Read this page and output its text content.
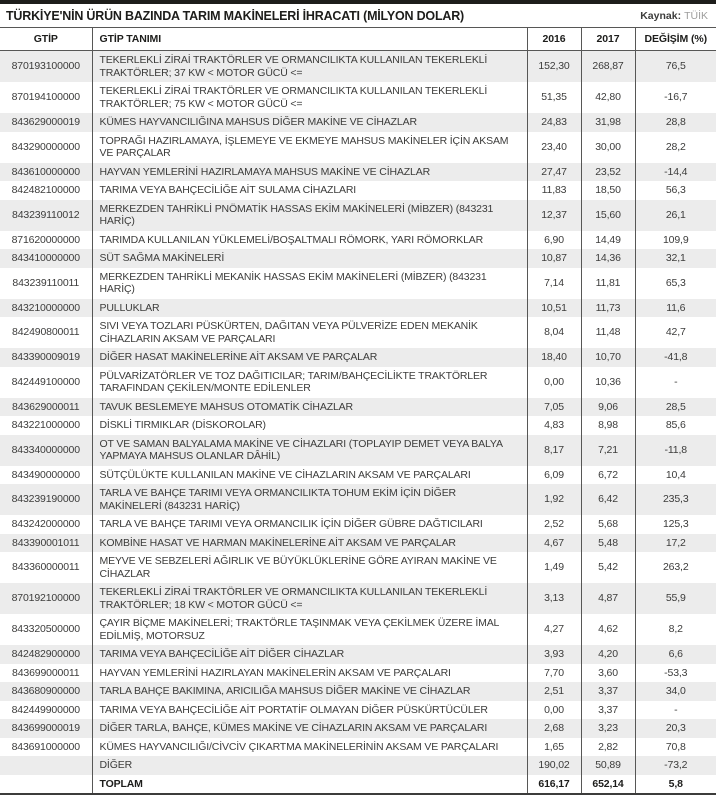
TÜRKİYE'NİN ÜRÜN BAZINDA TARIM MAKİNELERİ İHRACATI (MİLYON DOLAR)	Kaynak: TÜİK
GTİP	GTİP TANIMI	2016	2017	DEĞİŞİM (%)
870193100000	TEKERLEKLİ ZİRAİ TRAKTÖRLER VE ORMANCILIKTA KULLANILAN TEKERLEKLİ TRAKTÖRLER; 37 KW < MOTOR GÜCÜ <=	152,30	268,87	76,5
870194100000	TEKERLEKLİ ZİRAİ TRAKTÖRLER VE ORMANCILIKTA KULLANILAN TEKERLEKLİ TRAKTÖRLER; 75 KW < MOTOR GÜCÜ <=	51,35	42,80	-16,7
843629000019	KÜMES HAYVANCILIĞINA MAHSUS DİĞER MAKİNE VE CİHAZLAR	24,83	31,98	28,8
843290000000	TOPRAĞI HAZIRLAMAYA, İŞLEMEYE VE EKMEYE MAHSUS MAKİNELER İÇİN AKSAM VE PARÇALAR	23,40	30,00	28,2
843610000000	HAYVAN YEMLERİNİ HAZIRLAMAYA MAHSUS MAKİNE VE CİHAZLAR	27,47	23,52	-14,4
842482100000	TARIMA VEYA BAHÇECİLİĞE AİT SULAMA CİHAZLARI	11,83	18,50	56,3
843239110012	MERKEZDEN TAHRİKLİ PNÖMATİK HASSAS EKİM MAKİNELERİ (MİBZER) (843231 HARİÇ)	12,37	15,60	26,1
871620000000	TARIMDA KULLANILAN YÜKLEMELİ/BOŞALTMALI RÖMORK, YARI RÖMORKLAR	6,90	14,49	109,9
843410000000	SÜT SAĞMA MAKİNELERİ	10,87	14,36	32,1
843239110011	MERKEZDEN TAHRİKLİ MEKANİK HASSAS EKİM MAKİNELERİ (MİBZER) (843231 HARİÇ)	7,14	11,81	65,3
843210000000	PULLUKLAR	10,51	11,73	11,6
842490800011	SIVI VEYA TOZLARI PÜSKÜRTEN, DAĞITAN VEYA PÜLVERİZE EDEN MEKANİK CİHAZLARIN AKSAM VE PARÇALARI	8,04	11,48	42,7
843390009019	DİĞER HASAT MAKİNELERİNE AİT AKSAM VE PARÇALAR	18,40	10,70	-41,8
842449100000	PÜLVARİZATÖRLER VE TOZ DAĞITICILAR; TARIM/BAHÇECİLİKTE TRAKTÖRLER TARAFINDAN ÇEKİLEN/MONTE EDİLENLER	0,00	10,36	-
843629000011	TAVUK BESLEMEYE MAHSUS OTOMATİK CİHAZLAR	7,05	9,06	28,5
843221000000	DİSKLİ TIRMIKLAR (DİSKOROLAR)	4,83	8,98	85,6
843340000000	OT VE SAMAN BALYALAMA MAKİNE VE CİHAZLARI (TOPLAYIP DEMET VEYA BALYA YAPMAYA MAHSUS OLANLAR DÂHİL)	8,17	7,21	-11,8
843490000000	SÜTÇÜLÜKTE KULLANILAN MAKİNE VE CİHAZLARIN AKSAM VE PARÇALARI	6,09	6,72	10,4
843239190000	TARLA VE BAHÇE TARIMI VEYA ORMANCILIKTA TOHUM EKİM İÇİN DİĞER MAKİNELERİ (843231 HARİÇ)	1,92	6,42	235,3
843242000000	TARLA VE BAHÇE TARIMI VEYA ORMANCILIK İÇİN DİĞER GÜBRE DAĞTICILARI	2,52	5,68	125,3
843390001011	KOMBİNE HASAT VE HARMAN MAKİNELERİNE AİT AKSAM VE PARÇALAR	4,67	5,48	17,2
843360000011	MEYVE VE SEBZELERİ AĞIRLIK VE BÜYÜKLÜKLERİNE GÖRE AYIRAN MAKİNE VE CİHAZLAR	1,49	5,42	263,2
870192100000	TEKERLEKLİ ZİRAİ TRAKTÖRLER VE ORMANCILIKTA KULLANILAN TEKERLEKLİ TRAKTÖRLER; 18 KW < MOTOR GÜCÜ <=	3,13	4,87	55,9
843320500000	ÇAYIR BİÇME MAKİNELERİ; TRAKTÖRLE TAŞINMAK VEYA ÇEKİLMEK ÜZERE İMAL EDİLMİŞ, MOTORSUZ	4,27	4,62	8,2
842482900000	TARIMA VEYA BAHÇECİLİĞE AİT DİĞER CİHAZLAR	3,93	4,20	6,6
843699000011	HAYVAN YEMLERİNİ HAZIRLAYAN MAKİNELERİN AKSAM VE PARÇALARI	7,70	3,60	-53,3
843680900000	TARLA BAHÇE BAKIMINA, ARICILIĞA MAHSUS DİĞER MAKİNE VE CİHAZLAR	2,51	3,37	34,0
842449900000	TARIMA VEYA BAHÇECİLİĞE AİT PORTATİF OLMAYAN DİĞER PÜSKÜRTÜCÜLER	0,00	3,37	-
843699000019	DİĞER TARLA, BAHÇE, KÜMES MAKİNE VE CİHAZLARIN AKSAM VE PARÇALARI	2,68	3,23	20,3
843691000000	KÜMES HAYVANCILIĞI/CİVCİV ÇIKARTMA MAKİNELERİNİN AKSAM VE PARÇALARI	1,65	2,82	70,8
	DİĞER	190,02	50,89	-73,2
	TOPLAM	616,17	652,14	5,8
